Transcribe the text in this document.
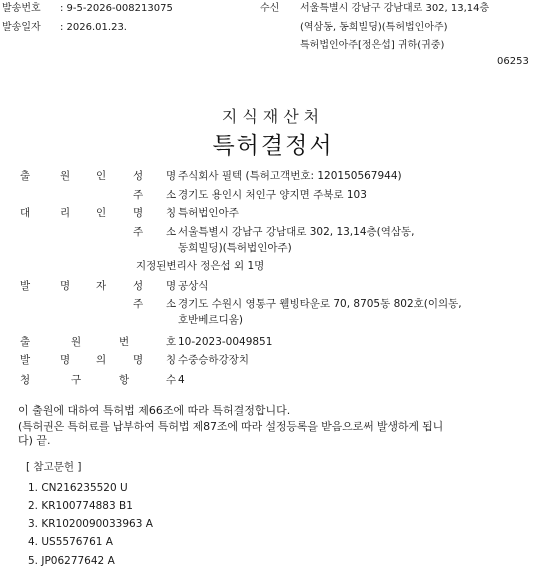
발송번호 : 9-5-2026-008213075
발송일자 : 2026.01.23.
수신 서울특별시 강남구 강남대로 302, 13,14층
(역삼동, 동희빌딩)(특허법인아주)
특허법인아주[정은섭] 귀하(귀중)
06253
지식재산처
특허결정서
출	원 인	성 명 주식회사 필텍 (특허고객번호: 120150567944)
주 소 경기도 용인시 처인구 양지면 주북로 103
대	리 인	명 칭 특허법인아주
주 소 서울특별시 강남구 강남대로 302, 13,14층(역삼동,
동희빌딩)(특허법인아주)
지정된변리사 정은섭 외 1명
발	명 자	성 명 공상식
주 소 경기도 수원시 영통구 웰빙타운로 70, 8705동 802호(이의동,
호반베르디움)
출	원	번	호 10-2023-0049851
발	명 의	명 칭 수중승하강장치
청	구	항	수 4
이 출원에 대하여 특허법 제66조에 따라 특허결정합니다.
(특허권은 특허료를 납부하여 특허법 제87조에 따라 설정등록을 받음으로써 발생하게 됩니
다) 끝.
[ 참고문헌 ]
1. CN216235520 U
2. KR100774883 B1
3. KR1020090033963 A
4. US5576761 A
5. JP06277642 A
